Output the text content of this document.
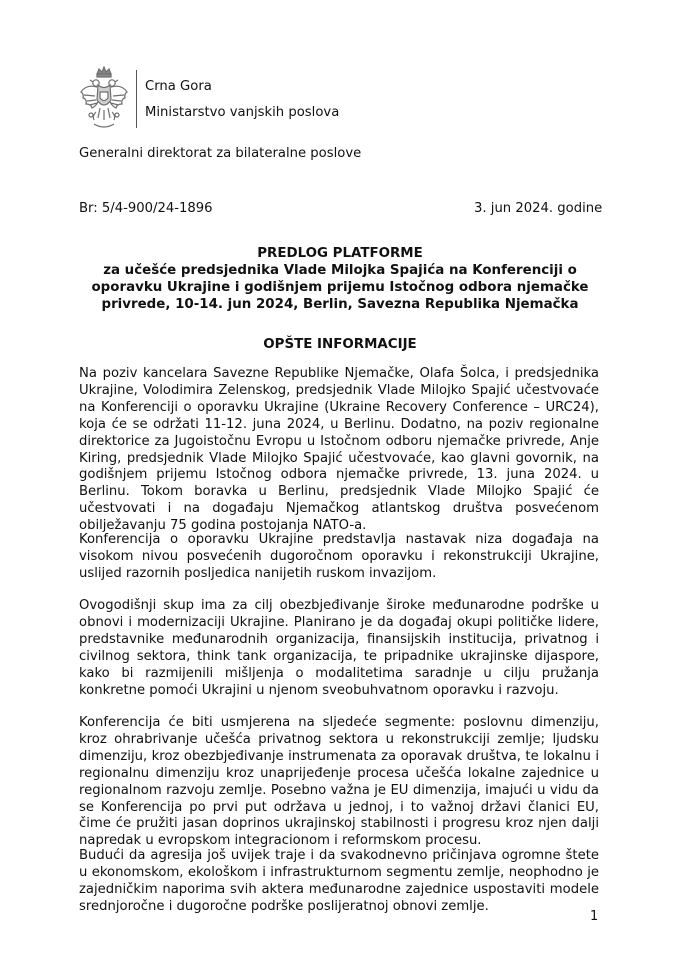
Crna Gora
Ministarstvo vanjskih poslova
Generalni direktorat za bilateralne poslove
Br: 5/4-900/24-1896	3. jun 2024. godine
PREDLOG PLATFORME
za učešće predsjednika Vlade Milojka Spajića na Konferenciji o oporavku Ukrajine i godišnjem prijemu Istočnog odbora njemačke privrede, 10-14. jun 2024, Berlin, Savezna Republika Njemačka
OPŠTE INFORMACIJE
Na poziv kancelara Savezne Republike Njemačke, Olafa Šolca, i predsjednika Ukrajine, Volodimira Zelenskog, predsjednik Vlade Milojko Spajić učestvovaće na Konferenciji o oporavku Ukrajine (Ukraine Recovery Conference – URC24), koja će se održati 11-12. juna 2024, u Berlinu. Dodatno, na poziv regionalne direktorice za Jugoistočnu Evropu u Istočnom odboru njemačke privrede, Anje Kiring, predsjednik Vlade Milojko Spajić učestvovaće, kao glavni govornik, na godišnjem prijemu Istočnog odbora njemačke privrede, 13. juna 2024. u Berlinu. Tokom boravka u Berlinu, predsjednik Vlade Milojko Spajić će učestvovati i na događaju Njemačkog atlantskog društva posvećenom obilježavanju 75 godina postojanja NATO-a.
Konferencija o oporavku Ukrajine predstavlja nastavak niza događaja na visokom nivou posvećenih dugoročnom oporavku i rekonstrukciji Ukrajine, uslijed razornih posljedica nanijetih ruskom invazijom.
Ovogodišnji skup ima za cilj obezbjeđivanje široke međunarodne podrške u obnovi i modernizaciji Ukrajine. Planirano je da događaj okupi političke lidere, predstavnike međunarodnih organizacija, finansijskih institucija, privatnog i civilnog sektora, think tank organizacija, te pripadnike ukrajinske dijaspore, kako bi razmijenili mišljenja o modalitetima saradnje u cilju pružanja konkretne pomoći Ukrajini u njenom sveobuhvatnom oporavku i razvoju.
Konferencija će biti usmjerena na sljedeće segmente: poslovnu dimenziju, kroz ohrabrivanje učešća privatnog sektora u rekonstrukciji zemlje; ljudsku dimenziju, kroz obezbjeđivanje instrumenata za oporavak društva, te lokalnu i regionalnu dimenziju kroz unaprijeđenje procesa učešća lokalne zajednice u regionalnom razvoju zemlje. Posebno važna je EU dimenzija, imajući u vidu da se Konferencija po prvi put održava u jednoj, i to važnoj državi članici EU, čime će pružiti jasan doprinos ukrajinskoj stabilnosti i progresu kroz njen dalji napredak u evropskom integracionom i reformskom procesu.
Budući da agresija još uvijek traje i da svakodnevno pričinjava ogromne štete u ekonomskom, ekološkom i infrastrukturnom segmentu zemlje, neophodno je zajedničkim naporima svih aktera međunarodne zajednice uspostaviti modele srednjoročne i dugoročne podrške poslijeratnoj obnovi zemlje.
1
